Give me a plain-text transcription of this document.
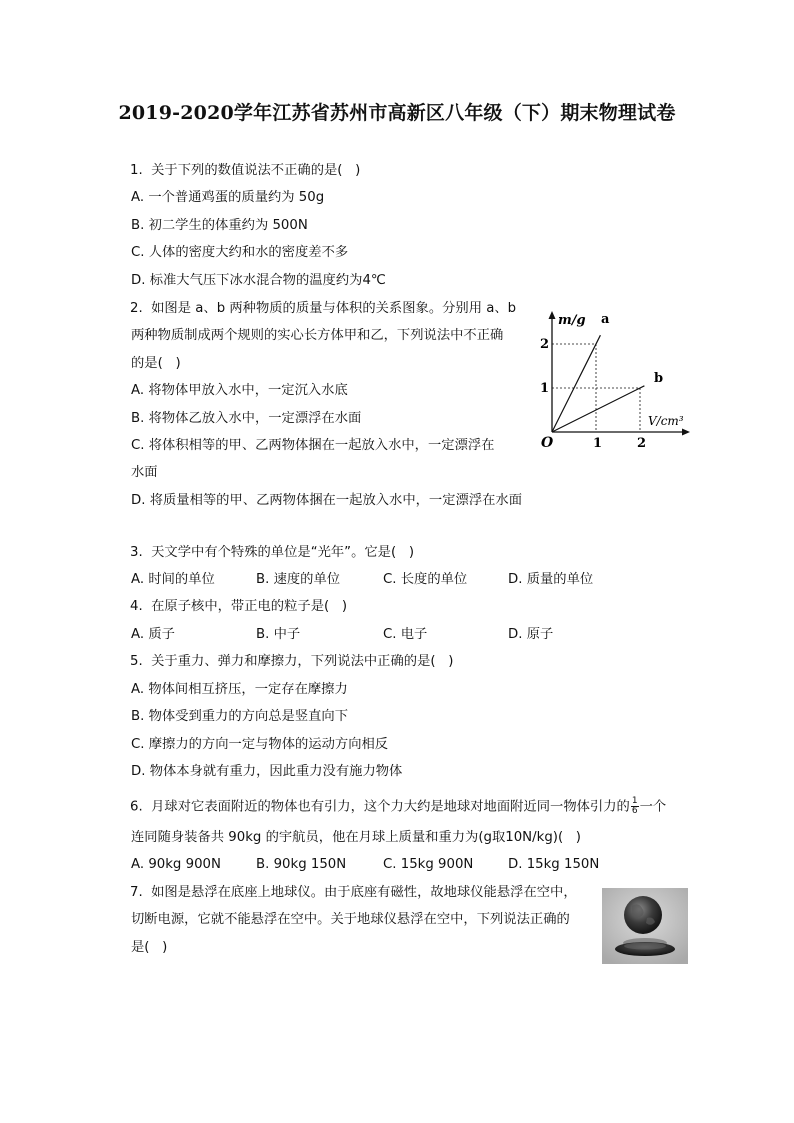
2019-2020学年江苏省苏州市高新区八年级（下）期末物理试卷
1.  关于下列的数值说法不正确的是(   )
A. 一个普通鸡蛋的质量约为 50g
B. 初二学生的体重约为 500N
C. 人体的密度大约和水的密度差不多
D. 标准大气压下冰水混合物的温度约为4℃
2.  如图是 a、b 两种物质的质量与体积的关系图象。分别用 a、b
两种物质制成两个规则的实心长方体甲和乙，下列说法中不正确
的是(   )
A. 将物体甲放入水中，一定沉入水底
B. 将物体乙放入水中，一定漂浮在水面
C. 将体积相等的甲、乙两物体捆在一起放入水中，一定漂浮在
水面
D. 将质量相等的甲、乙两物体捆在一起放入水中，一定漂浮在水面
m/g
V/cm³
O	1	2
1
2
a
b
3.  天文学中有个特殊的单位是“光年”。它是(   )
A. 时间的单位	B. 速度的单位	C. 长度的单位	D. 质量的单位
4.  在原子核中，带正电的粒子是(   )
A. 质子	B. 中子	C. 电子	D. 原子
5.  关于重力、弹力和摩擦力，下列说法中正确的是(   )
A. 物体间相互挤压，一定存在摩擦力
B. 物体受到重力的方向总是竖直向下
C. 摩擦力的方向一定与物体的运动方向相反
D. 物体本身就有重力，因此重力没有施力物体
6.  月球对它表面附近的物体也有引力，这个力大约是地球对地面附近同一物体引力的 $\frac{1}{6}$ 一个
连同随身装备共 90kg 的宇航员，他在月球上质量和重力为(g取10N/kg)(   )
A. 90kg 900N	B. 90kg 150N	C. 15kg 900N	D. 15kg 150N
7.  如图是悬浮在底座上地球仪。由于底座有磁性，故地球仪能悬浮在空中，
切断电源，它就不能悬浮在空中。关于地球仪悬浮在空中，下列说法正确的
是(   )
